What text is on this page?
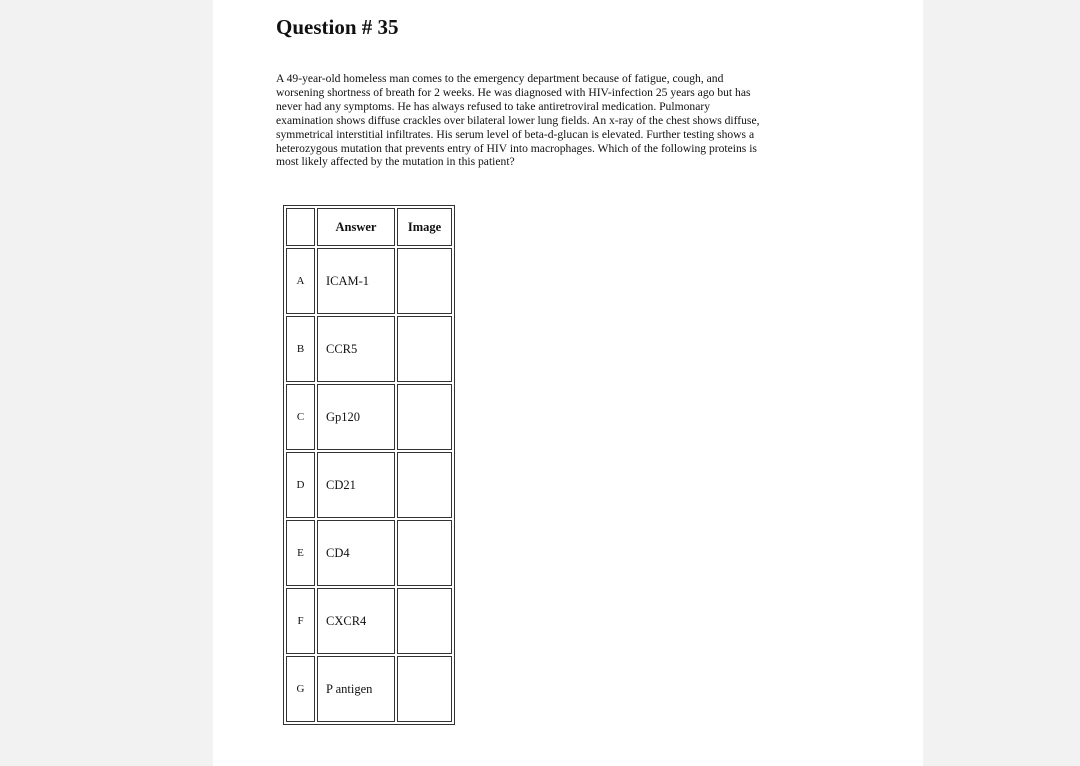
Question # 35

A 49-year-old homeless man comes to the emergency department because of fatigue, cough, and
worsening shortness of breath for 2 weeks. He was diagnosed with HIV-infection 25 years ago but has
never had any symptoms. He has always refused to take antiretroviral medication. Pulmonary
examination shows diffuse crackles over bilateral lower lung fields. An x-ray of the chest shows diffuse,
symmetrical interstitial infiltrates. His serum level of beta-d-glucan is elevated. Further testing shows a
heterozygous mutation that prevents entry of HIV into macrophages. Which of the following proteins is
most likely affected by the mutation in this patient?

	Answer	Image
A	ICAM-1	
B	CCR5	
C	Gp120	
D	CD21	
E	CD4	
F	CXCR4	
G	P antigen	
